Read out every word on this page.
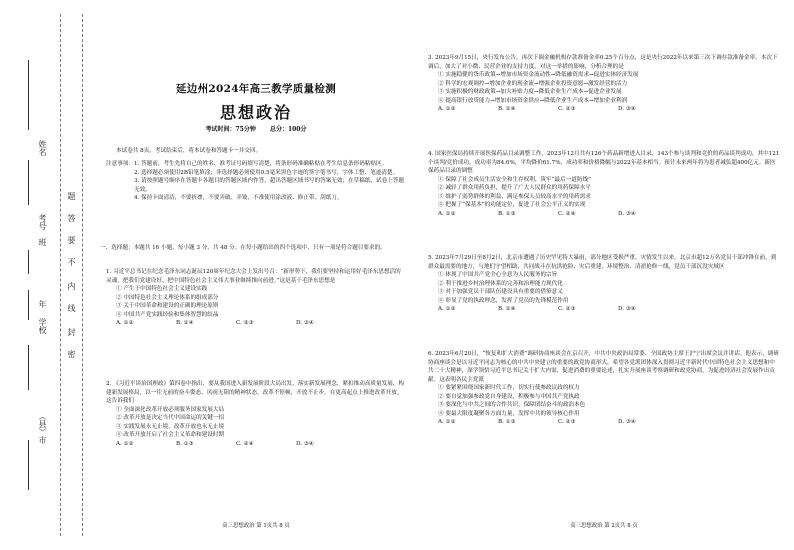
姓名
考号
班
年
学校
（县）市
题
答
要
不
内
线
封
密
延边州2024年高三教学质量检测
思想政治
考试时间：75分钟 总分：100分

本试卷共 8页，考试结束后，将本试卷和答题卡一并交回。

注意事项：1. 答题前，考生先将自己的姓名、准考证号码填写清楚，将条形码准确粘贴在考生信息条形码粘贴区。

2. 选择题必须使用2B铅笔填涂；非选择题必须使用0.5毫米黑色字迹的签字笔书写，字体工整、笔迹清楚。

3. 请按照题号顺序在答题卡各题目的答题区域内作答，超出答题区域书写的答案无效；在草稿纸、试卷上答题无效。

4. 保持卡面清洁，不要折叠，不要弄破、弄皱，不准使用涂改液、修正带、刮纸刀。

一、选择题：本题共 16 小题，每小题 3 分，共 48 分。在每小题给出的四个选项中，只有一项是符合题目要求的。

1. 习近平总书记在纪念毛泽东同志诞辰120周年纪念大会上发出号召：“新形势下，我们要坚持和运用好毛泽东思想活的灵魂，把我们党建设好，把中国特色社会主义伟大事业继续推向前进。”这是基于毛泽东思想是

① 产生于中国特色社会主义建设实践

② 中国特色社会主义理论体系的组成部分

③ 关于中国革命和建设的正确的理论原则

④ 中国共产党实践经验和集体智慧的结晶

A. ①②	B. ①④	C. ②③	D. ③④

2. 《习近平谈治国理政》第四卷中指出，要从我国进入新发展阶段大局出发，落实新发展理念，紧扣推动高质量发展、构建新发展格局，以一往无前的奋斗姿态、风雨无阻的精神状态，改革不停顿，开放不止步，在更高起点上推进改革开放。这告诉我们

① 全面深化改革开放必须服务国家发展大局

② 改革开放是决定当代中国命运的关键一招

③ 实践发展永无止境，改革开放也永无止境

④ 改革开放开启了社会主义革命和建设时期

A. ①②	B. ①③	C. ②④	D. ③④
高三思想政治 第 1页共 8 页

3. 2023年9月15日，央行发布公告，再次下调金融机构存款准备金率0.25个百分点，这是央行2022年以来第三次下调存款准备金率。本次下调后，加大了对小微、民营企业的支持力度。对这一举措的影响，分析合理的是

① 实施稳健的货币政策→增加市场资金流动性→降低融资需求→促进实体经济发展

② 科学的宏观调控→增加企业的现金流→增强企业投资意愿→激发经营的活力

③ 实施积极的财政政策→加大补贴力度→降低企业生产成本→促进企业发展

④ 提高银行放贷能力→增加市场资金供应→降低企业生产成本→增加企业利润

A. ①②	B. ①④	C. ②③	D. ③④

4. 国家医保局持续开展医保药品目录调整工作，2023年12月共有126个药品新增进入目录，143个参与谈判和竞价的药品谈判成功，其中121个谈判/竞价成功，成功率为84.6%，平均降价61.7%，成功率和价格降幅与2022年基本相当。预计未来两年将为患者减负超400亿元。新医保药品目录的调整

① 保障了社会成员生活安全和生存权利，筑牢“最后一道防线”

② 减轻了群众用药负担，提升了广大人民群众的用药保障水平

③ 维护了弱势群体的利益，满足参保人员较高水平的用药需求

④ 把握了“保基本”的功能定位，促进了社会公平正义的实现

A. ①②	B. ①③	C. ②④	D. ③④

5. 2023年7月29日至8月2日，北京市遭遇了历史罕见特大暴雨，部分地区受损严重，灾情发生以来，北京市超12万名党员干部冲锋在前，到群众最需要的地方，与地们守望相助，共同战斗在抗洪抢险、灾后重建、环境整治、清淤抢修一线，党员干部沉没灾域区

① 体现了中国共产党全心全意为人民服务的宗旨

② 利于推进乡村治理体系的完善和治理能力现代化

③ 对于加强党员干部队伍建设具有重要的借鉴意义

④ 彰显了党的执政理念，发挥了党员的先锋模范作用

A. ①②	B. ①④	C. ②③	D. ③④

6. 2023年6月20日，“恢复和扩大消费”调研协商座谈会在京召开，中共中央政治局常委、全国政协主席王沪宁出席会议并讲话。他表示，调研协商座谈会是以习近平同志为核心的中共中央建立的重要的政党协商形式，希望各党派团体深入贯彻习近平新时代中国特色社会主义思想和中共二十大精神，深学领悟习近平总书记关于扩大内需、促进消费的重要论述，扎实开展座谈考察调研和政党协商，为促进经济社会发展作出贡献。这表明各民主党派

① 要紧紧围绕国家新时代工作，切实行使参政议政的权力

② 要自觉加强参政党自身建设，积极参与中国共产党执政

③ 要深化与中共之间的合作共识，保障团结奋斗的政治本色

④ 要最大限度凝聚各方面力量，发挥中共的领导核心作用

A. ①②	B. ①③	C. ②③	D. ③④
高三思想政治 第 2页共 8 页
